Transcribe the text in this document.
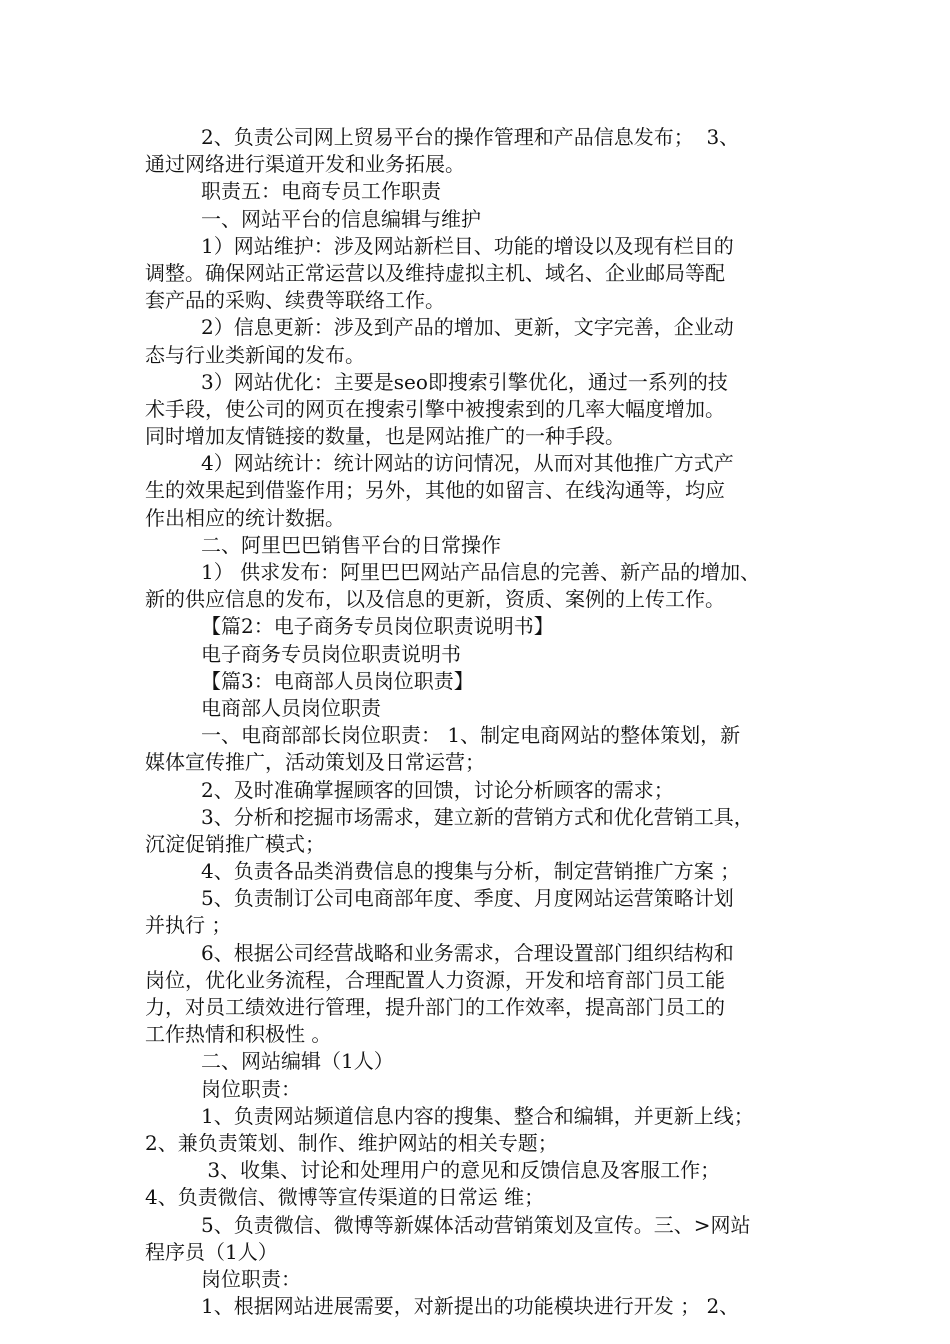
2、负责公司网上贸易平台的操作管理和产品信息发布；  3、
通过网络进行渠道开发和业务拓展。
职责五：电商专员工作职责
一、网站平台的信息编辑与维护
1）网站维护：涉及网站新栏目、功能的增设以及现有栏目的
调整。确保网站正常运营以及维持虚拟主机、域名、企业邮局等配
套产品的采购、续费等联络工作。
2）信息更新：涉及到产品的增加、更新，文字完善，企业动
态与行业类新闻的发布。
3）网站优化：主要是seo即搜索引擎优化，通过一系列的技
术手段，使公司的网页在搜索引擎中被搜索到的几率大幅度增加。
同时增加友情链接的数量，也是网站推广的一种手段。
4）网站统计：统计网站的访问情况，从而对其他推广方式产
生的效果起到借鉴作用；另外，其他的如留言、在线沟通等，均应
作出相应的统计数据。
二、阿里巴巴销售平台的日常操作
1） 供求发布：阿里巴巴网站产品信息的完善、新产品的增加、
新的供应信息的发布，以及信息的更新，资质、案例的上传工作。
【篇2：电子商务专员岗位职责说明书】
电子商务专员岗位职责说明书
【篇3：电商部人员岗位职责】
电商部人员岗位职责
一、电商部部长岗位职责： 1、制定电商网站的整体策划，新
媒体宣传推广，活动策划及日常运营；
2、及时准确掌握顾客的回馈，讨论分析顾客的需求；
3、分析和挖掘市场需求，建立新的营销方式和优化营销工具，
沉淀促销推广模式；
4、负责各品类消费信息的搜集与分析，制定营销推广方案 ；
5、负责制订公司电商部年度、季度、月度网站运营策略计划
并执行 ；
6、根据公司经营战略和业务需求，合理设置部门组织结构和
岗位，优化业务流程，合理配置人力资源，开发和培育部门员工能
力，对员工绩效进行管理，提升部门的工作效率，提高部门员工的
工作热情和积极性 。
二、网站编辑（1人）
岗位职责：
1、负责网站频道信息内容的搜集、整合和编辑，并更新上线；
2、兼负责策划、制作、维护网站的相关专题；
3、收集、讨论和处理用户的意见和反馈信息及客服工作；
4、负责微信、微博等宣传渠道的日常运 维；
5、负责微信、微博等新媒体活动营销策划及宣传。三、>网站
程序员（1人）
岗位职责：
1、根据网站进展需要，对新提出的功能模块进行开发 ； 2、
